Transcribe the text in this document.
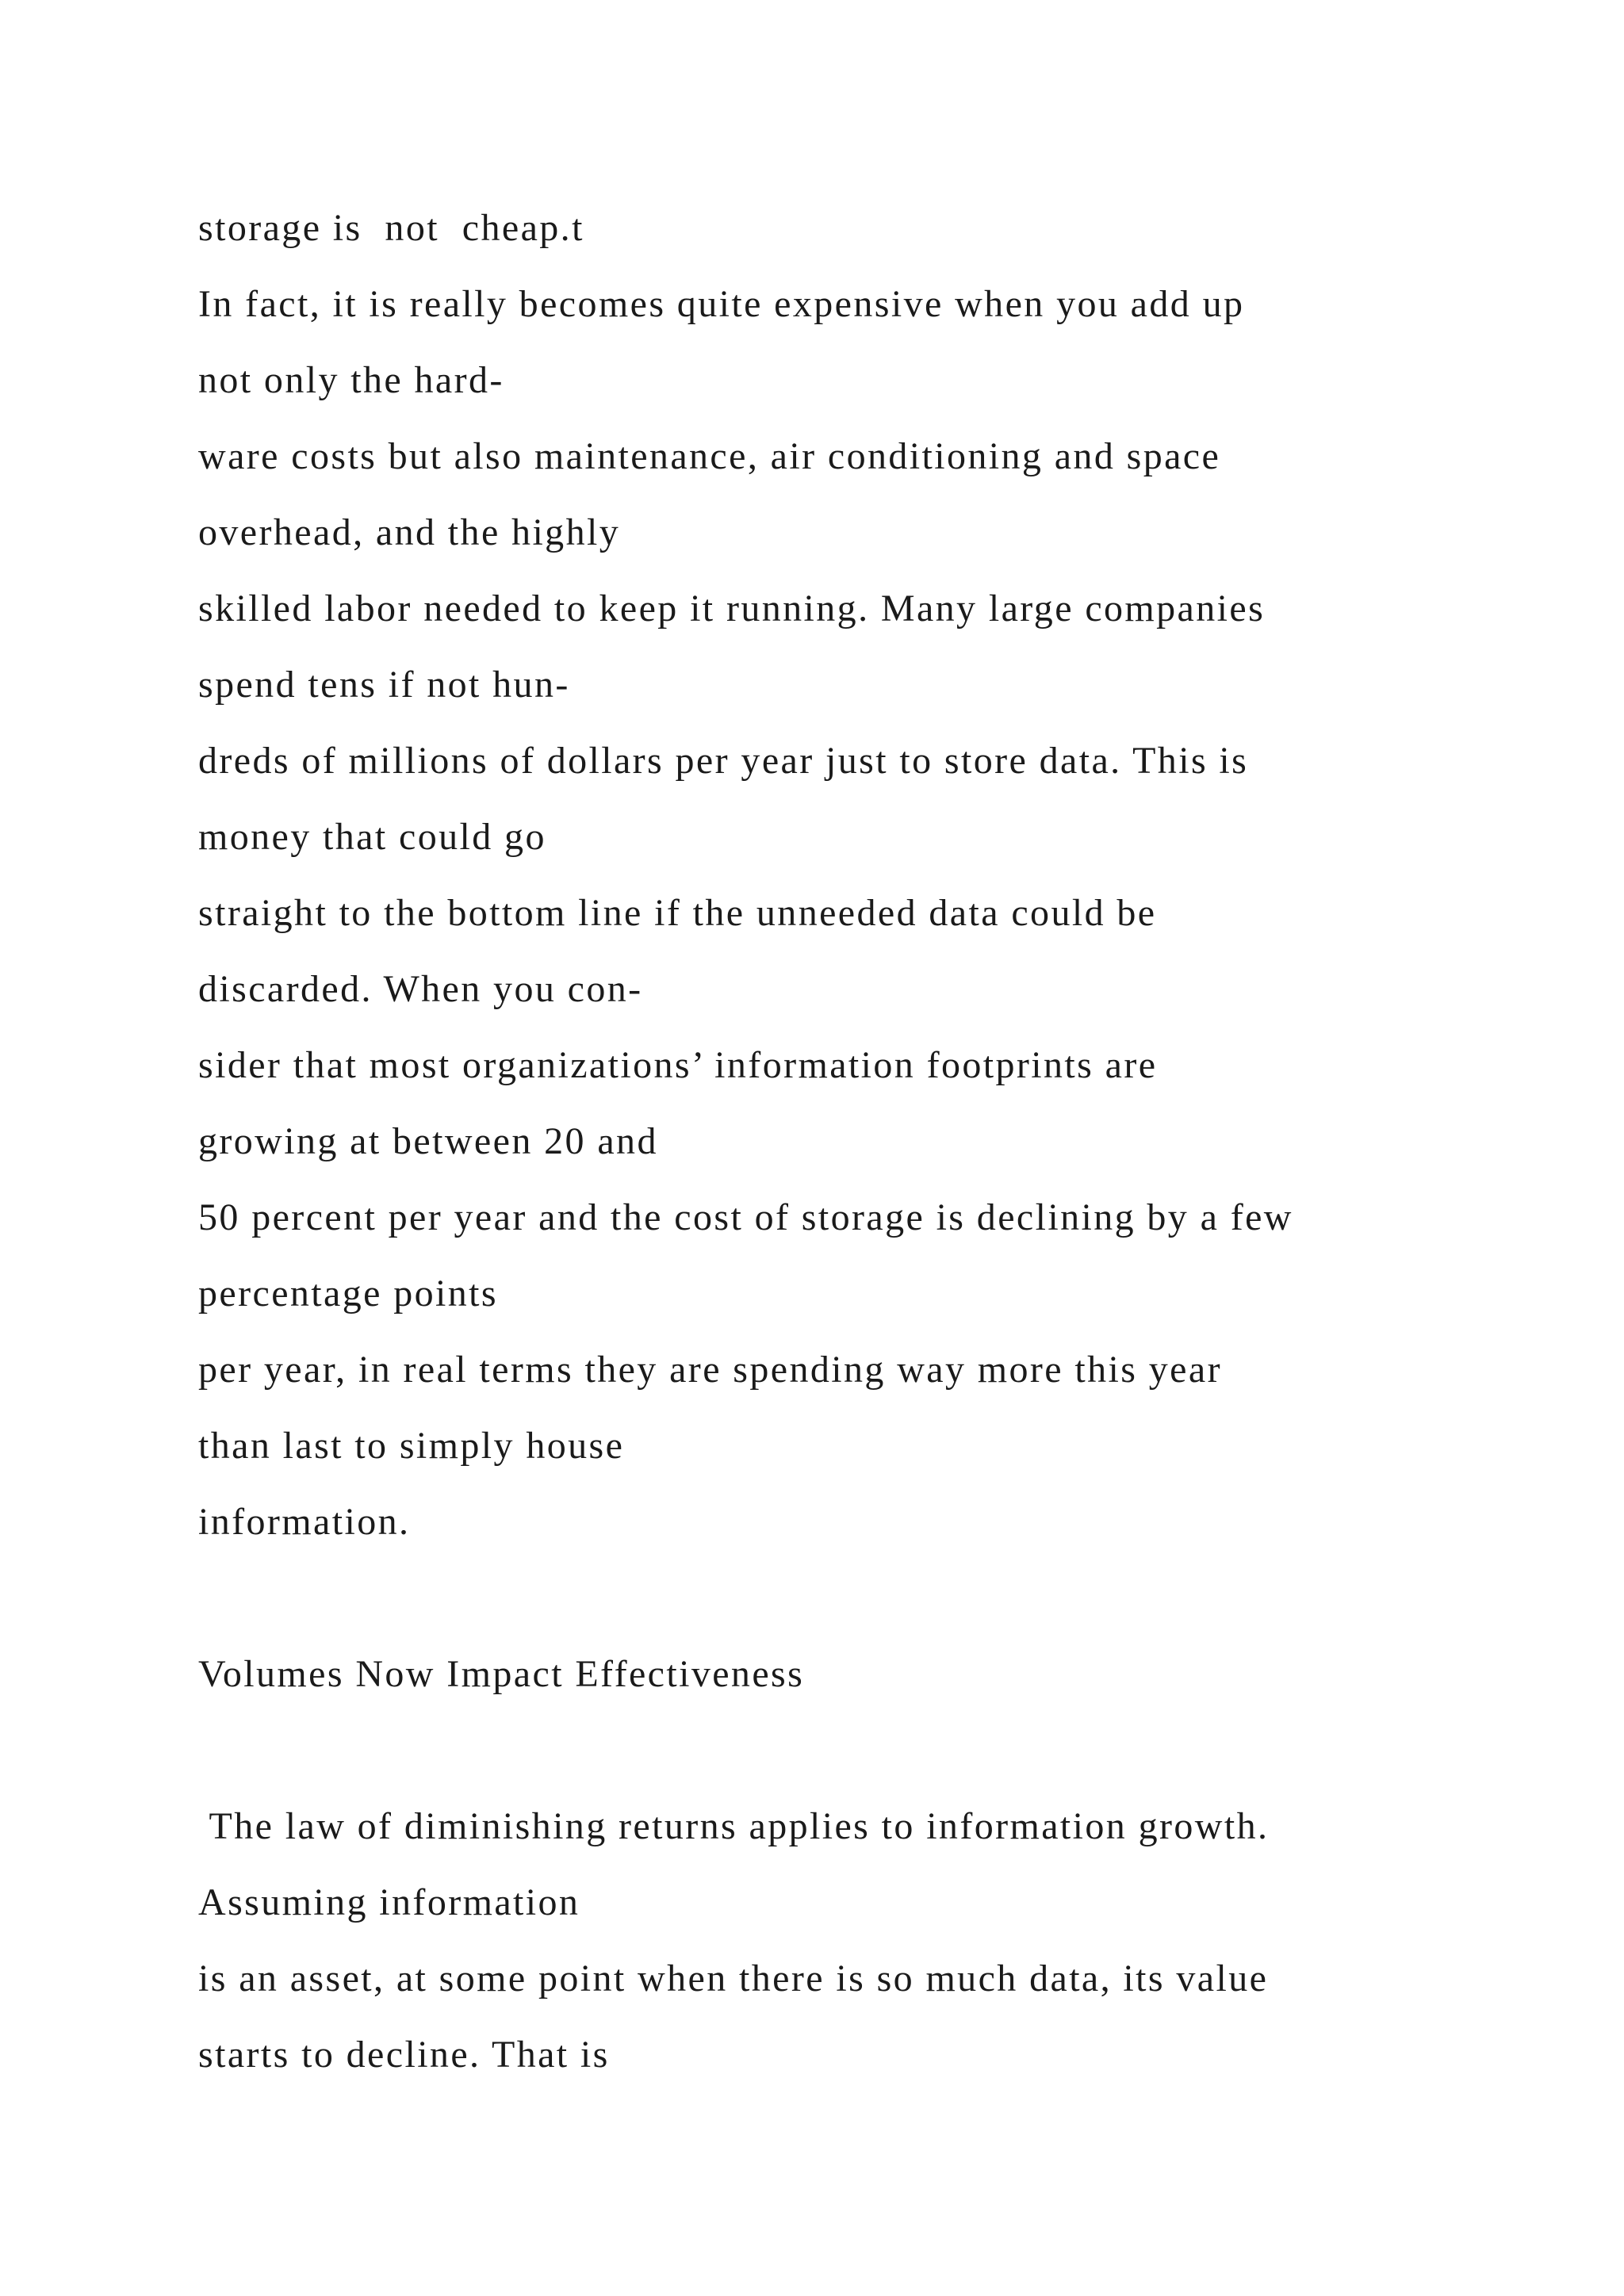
storage is  not  cheap.t
In fact, it is really becomes quite expensive when you add up
not only the hard-
ware costs but also maintenance, air conditioning and space
overhead, and the highly
skilled labor needed to keep it running. Many large companies
spend tens if not hun-
dreds of millions of dollars per year just to store data. This is
money that could go
straight to the bottom line if the unneeded data could be
discarded. When you con-
sider that most organizations’ information footprints are
growing at between 20 and
50 percent per year and the cost of storage is declining by a few
percentage points
per year, in real terms they are spending way more this year
than last to simply house
information.
Volumes Now Impact Effectiveness
The law of diminishing returns applies to information growth.
Assuming information
is an asset, at some point when there is so much data, its value
starts to decline. That is
